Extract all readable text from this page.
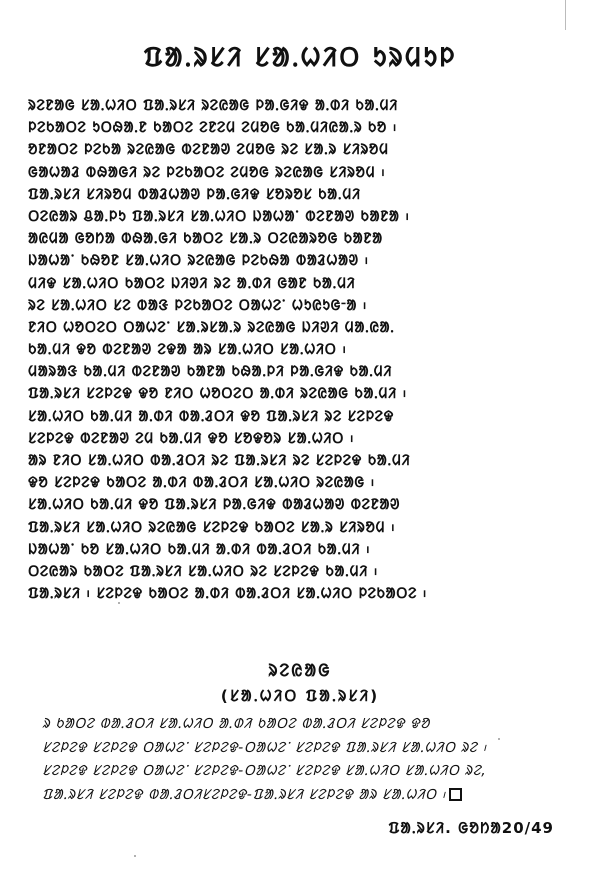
ᱯᱟᱹᱨᱥᱤ ᱥᱟᱹᱦᱤᱛ ᱩᱨᱢᱩᱞ
ᱨᱮᱱᱟᱜ ᱥᱟᱹᱦᱤᱛ ᱯᱟᱹᱨᱥᱤ ᱨᱮᱭᱟᱜ ᱞᱟᱹᱜᱤᱫ ᱟᱹᱰᱤ ᱠᱟᱹᱢᱤ
ᱞᱮᱠᱟᱛᱮ ᱩᱛᱷᱟᱹᱱ ᱠᱟᱛᱮ ᱮᱱᱮᱢ ᱮᱢᱚᱜ ᱠᱟᱹᱢᱤᱭᱟᱹᱨ ᱠᱚ ᱾
ᱚᱱᱟᱛᱮ ᱞᱮᱠᱟ ᱨᱮᱭᱟᱜ ᱵᱮᱱᱟᱣ ᱮᱢᱚᱜ ᱨᱮ ᱥᱟᱹᱨ ᱥᱤᱨᱚᱢ
ᱜᱟᱦᱟᱲ ᱵᱷᱟᱜᱤ ᱨᱮ ᱞᱮᱠᱟᱛᱮ ᱮᱢᱚᱜ ᱨᱮᱭᱟᱜ ᱥᱤᱨᱚᱢ ᱾
ᱯᱟᱹᱨᱥᱤ ᱥᱤᱨᱚᱢ ᱵᱟᱲᱦᱟᱣ ᱞᱟᱹᱜᱤᱫ ᱥᱚᱨᱚᱥ ᱠᱟᱹᱢᱤ
ᱛᱮᱭᱟᱨ ᱪᱟᱹᱞᱩ ᱯᱟᱹᱨᱥᱤ ᱥᱟᱹᱦᱤᱛ ᱡᱟᱦᱟᱸ ᱵᱮᱱᱟᱣ ᱠᱟᱱᱟ ᱾
ᱟᱭᱢᱟ ᱜᱚᱴᱟ ᱵᱷᱟᱹᱜᱤ ᱠᱟᱛᱮ ᱥᱟᱹᱨ ᱛᱮᱭᱟᱨᱚᱜ ᱠᱟᱱᱟ
ᱡᱟᱦᱟᱸ ᱠᱷᱚᱱ ᱥᱟᱹᱦᱤᱛ ᱨᱮᱭᱟᱜ ᱞᱮᱠᱷᱟ ᱵᱟᱲᱦᱟᱣ ᱾
ᱢᱤᱫ ᱥᱟᱹᱦᱤᱛ ᱠᱟᱛᱮ ᱡᱤᱣᱤ ᱨᱮ ᱟᱹᱰᱤ ᱜᱟᱱ ᱠᱟᱹᱢᱤ
ᱨᱮ ᱥᱟᱹᱦᱤᱛ ᱥᱮ ᱵᱟᱝ ᱞᱮᱠᱟᱛᱮ ᱛᱟᱦᱮᱸ ᱦᱩᱭᱩᱜᱼᱟ ᱾
ᱱᱤᱛ ᱦᱚᱛᱮᱛ ᱛᱟᱦᱮᱸ ᱥᱟᱹᱨᱥᱟᱹᱨ ᱨᱮᱭᱟᱜ ᱡᱤᱣᱤ ᱢᱟᱹᱭᱟᱹ
ᱠᱟᱹᱢᱤ ᱫᱚ ᱵᱮᱱᱟᱣ ᱮᱫᱟ ᱟᱨ ᱥᱟᱹᱦᱤᱛ ᱥᱟᱹᱦᱤᱛ ᱾
ᱢᱟᱨᱟᱝ ᱠᱟᱹᱢᱤ ᱵᱮᱱᱟᱣ ᱠᱟᱱᱟ ᱠᱷᱟᱹᱞᱤ ᱞᱟᱹᱜᱤᱫ ᱠᱟᱹᱢᱤ
ᱯᱟᱹᱨᱥᱤ ᱥᱮᱞᱮᱫ ᱫᱚ ᱱᱤᱛ ᱦᱚᱛᱮᱛ ᱟᱹᱰᱤ ᱨᱮᱭᱟᱜ ᱠᱟᱹᱢᱤ ᱾
ᱥᱟᱹᱦᱤᱛ ᱠᱟᱹᱢᱤ ᱟᱹᱰᱤ ᱵᱟᱹᱲᱛᱤ ᱫᱚ ᱯᱟᱹᱨᱥᱤ ᱨᱮ ᱥᱮᱞᱮᱫ
ᱥᱮᱞᱮᱫ ᱵᱮᱱᱟᱣ ᱮᱢ ᱠᱟᱹᱢᱤ ᱫᱚ ᱥᱚᱫᱚᱨ ᱥᱟᱹᱦᱤᱛ ᱾
ᱟᱨ ᱱᱤᱛ ᱥᱟᱹᱦᱤᱛ ᱵᱟᱹᱲᱛᱤ ᱨᱮ ᱯᱟᱹᱨᱥᱤ ᱨᱮ ᱥᱮᱞᱮᱫ ᱠᱟᱹᱢᱤ
ᱫᱚ ᱥᱮᱞᱮᱫ ᱠᱟᱛᱮ ᱟᱹᱰᱤ ᱵᱟᱹᱲᱛᱤ ᱥᱟᱹᱦᱤᱛ ᱨᱮᱭᱟᱜ ᱾
ᱥᱟᱹᱦᱤᱛ ᱠᱟᱹᱢᱤ ᱫᱚ ᱯᱟᱹᱨᱥᱤ ᱞᱟᱹᱜᱤᱫ ᱵᱟᱲᱦᱟᱣ ᱵᱮᱱᱟᱣ
ᱯᱟᱹᱨᱥᱤ ᱥᱟᱹᱦᱤᱛ ᱨᱮᱭᱟᱜ ᱥᱮᱞᱮᱫ ᱠᱟᱛᱮ ᱥᱟᱹᱨ ᱥᱤᱨᱚᱢ ᱾
ᱡᱟᱦᱟᱸ ᱠᱚ ᱥᱟᱹᱦᱤᱛ ᱠᱟᱹᱢᱤ ᱟᱹᱰᱤ ᱵᱟᱹᱲᱛᱤ ᱠᱟᱹᱢᱤ ᱾
ᱛᱮᱭᱟᱨ ᱠᱟᱛᱮ ᱯᱟᱹᱨᱥᱤ ᱥᱟᱹᱦᱤᱛ ᱨᱮ ᱥᱮᱞᱮᱫ ᱠᱟᱹᱢᱤ ᱾
ᱯᱟᱹᱨᱥᱤ ᱾ ᱥᱮᱞᱮᱫ ᱠᱟᱛᱮ ᱟᱹᱰᱤ ᱵᱟᱹᱲᱛᱤ ᱥᱟᱹᱦᱤᱛ ᱞᱮᱠᱟᱛᱮ ᱾
ᱨᱮᱭᱟᱜ
(ᱥᱟᱹᱦᱤᱛ ᱯᱟᱹᱨᱥᱤ)
ᱨ ᱠᱟᱛᱮ ᱵᱟᱹᱲᱛᱤ ᱥᱟᱹᱦᱤᱛ ᱟᱹᱰᱤ ᱠᱟᱛᱮ ᱵᱟᱹᱲᱛᱤ ᱥᱮᱞᱮᱫ ᱫᱚ
ᱥᱮᱞᱮᱫ ᱥᱮᱞᱮᱫ ᱛᱟᱦᱮᱸ ᱥᱮᱞᱮᱫ-ᱛᱟᱦᱮᱸ ᱥᱮᱞᱮᱫ ᱯᱟᱹᱨᱥᱤ ᱥᱟᱹᱦᱤᱛ ᱨᱮ ᱾
ᱥᱮᱞᱮᱫ ᱥᱮᱞᱮᱫ ᱛᱟᱦᱮᱸ ᱥᱮᱞᱮᱫ-ᱛᱟᱦᱮᱸ ᱥᱮᱞᱮᱫ ᱥᱟᱹᱦᱤᱛ ᱥᱟᱹᱦᱤᱛ ᱨᱮ,
ᱯᱟᱹᱨᱥᱤ ᱥᱮᱞᱮᱫ ᱵᱟᱹᱲᱛᱤᱥᱮᱞᱮᱫ-ᱯᱟᱹᱨᱥᱤ ᱥᱮᱞᱮᱫ ᱟᱨ ᱥᱟᱹᱦᱤᱛ ᱾
ᱯᱟᱹᱨᱥᱤ. ᱜᱚᱴᱟ20/49
